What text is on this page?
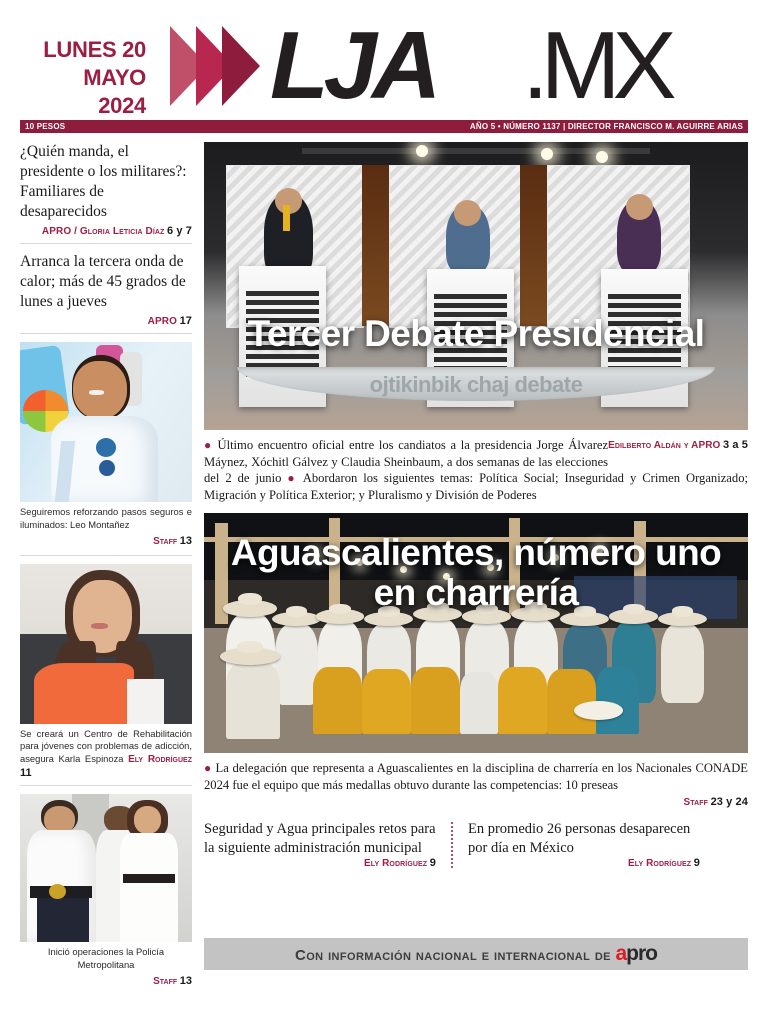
LUNES 20
MAYO
2024 LJA .MX
10 PESOS	AÑO 5 • NÚMERO 1137 | DIRECTOR FRANCISCO M. AGUIRRE ARIAS

¿Quién manda, el presidente o los militares?: Familiares de desaparecidos

APRO / Gloria Leticia Díaz 6 y 7

Arranca la tercera onda de calor; más de 45 grados de lunes a jueves

APRO 17
Seguiremos reforzando pasos seguros e iluminados: Leo Montañez
Staff 13
Se creará un Centro de Rehabilitación para jóvenes con problemas de adicción, asegura Karla Espinoza Ely Rodríguez 11
Inició operaciones la Policía Metropolitana
Staff 13
ojtikinbik chaj debate
Tercer Debate Presidencial
Edilberto Aldán y APRO 3 a 5
● Último encuentro oficial entre los candiatos a la presidencia Jorge Álvarez Máynez, Xóchitl Gálvez y Claudia Sheinbaum, a dos semanas de las elecciones del 2 de junio ● Abordaron los siguientes temas: Política Social; Inseguridad y Crimen Organizado; Migración y Política Exterior; y Pluralismo y División de Poderes
Aguascalientes, número uno
en charrería
● La delegación que representa a Aguascalientes en la disciplina de charrería en los Nacionales CONADE 2024 fue el equipo que más medallas obtuvo durante las competencias: 10 preseas
Staff 23 y 24
Seguridad y Agua principales retos para la siguiente administración municipal
Ely Rodríguez 9
En promedio 26 personas desaparecen por día en México
Ely Rodríguez 9
Con información nacional e internacional de apro
